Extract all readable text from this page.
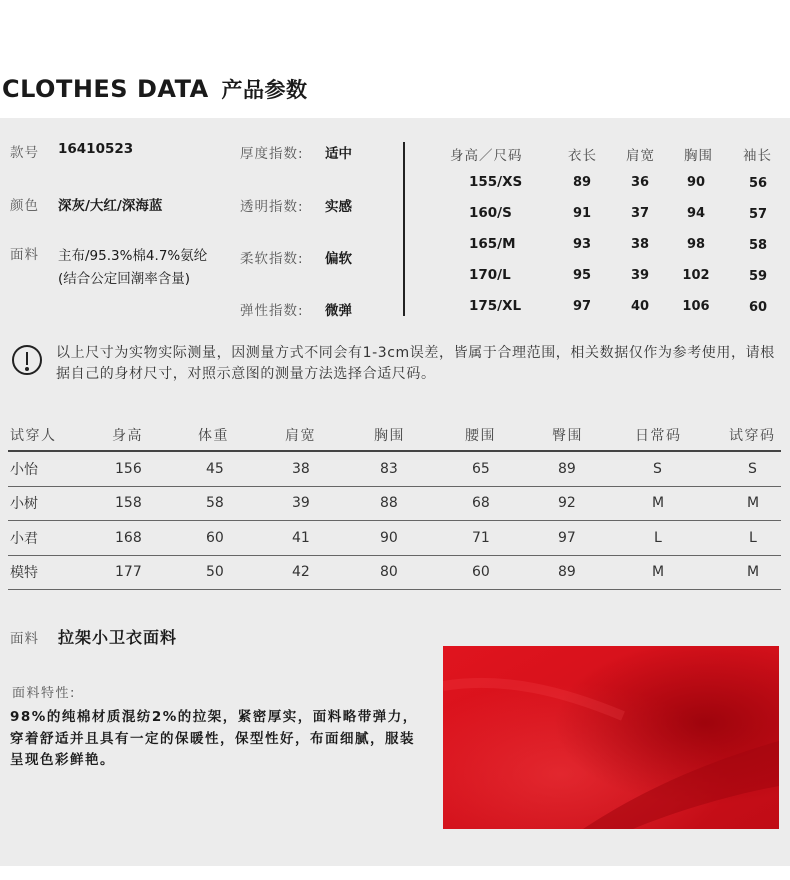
CLOTHES DATA 产品参数
款号 16410523
颜色 深灰/大红/深海蓝
面料 主布/95.3%棉4.7%氨纶
(结合公定回潮率含量)
厚度指数: 适中
透明指数: 实感
柔软指数: 偏软
弹性指数: 微弹
身高／尺码	衣长 肩宽 胸围 袖长
155/XS	89	36	90	56
160/S	91	37	94	57
165/M	93	38	98	58
170/L	95	39	102	59
175/XL	97	40	106	60
以上尺寸为实物实际测量，因测量方式不同会有1-3cm误差，皆属于合理范围，相关数据仅作为参考使用，请根据自己的身材尺寸，对照示意图的测量方法选择合适尺码。
试穿人	身高	体重	肩宽	胸围	腰围	臀围	日常码	试穿码
小怡	156	45	38	83	65	89	S	S
小树	158	58	39	88	68	92	M	M
小君	168	60	41	90	71	97	L	L
模特	177	50	42	80	60	89	M	M
面料 拉架小卫衣面料
面料特性:
98%的纯棉材质混纺2%的拉架，紧密厚实，面料略带弹力，穿着舒适并且具有一定的保暖性，保型性好，布面细腻，服装呈现色彩鲜艳。
